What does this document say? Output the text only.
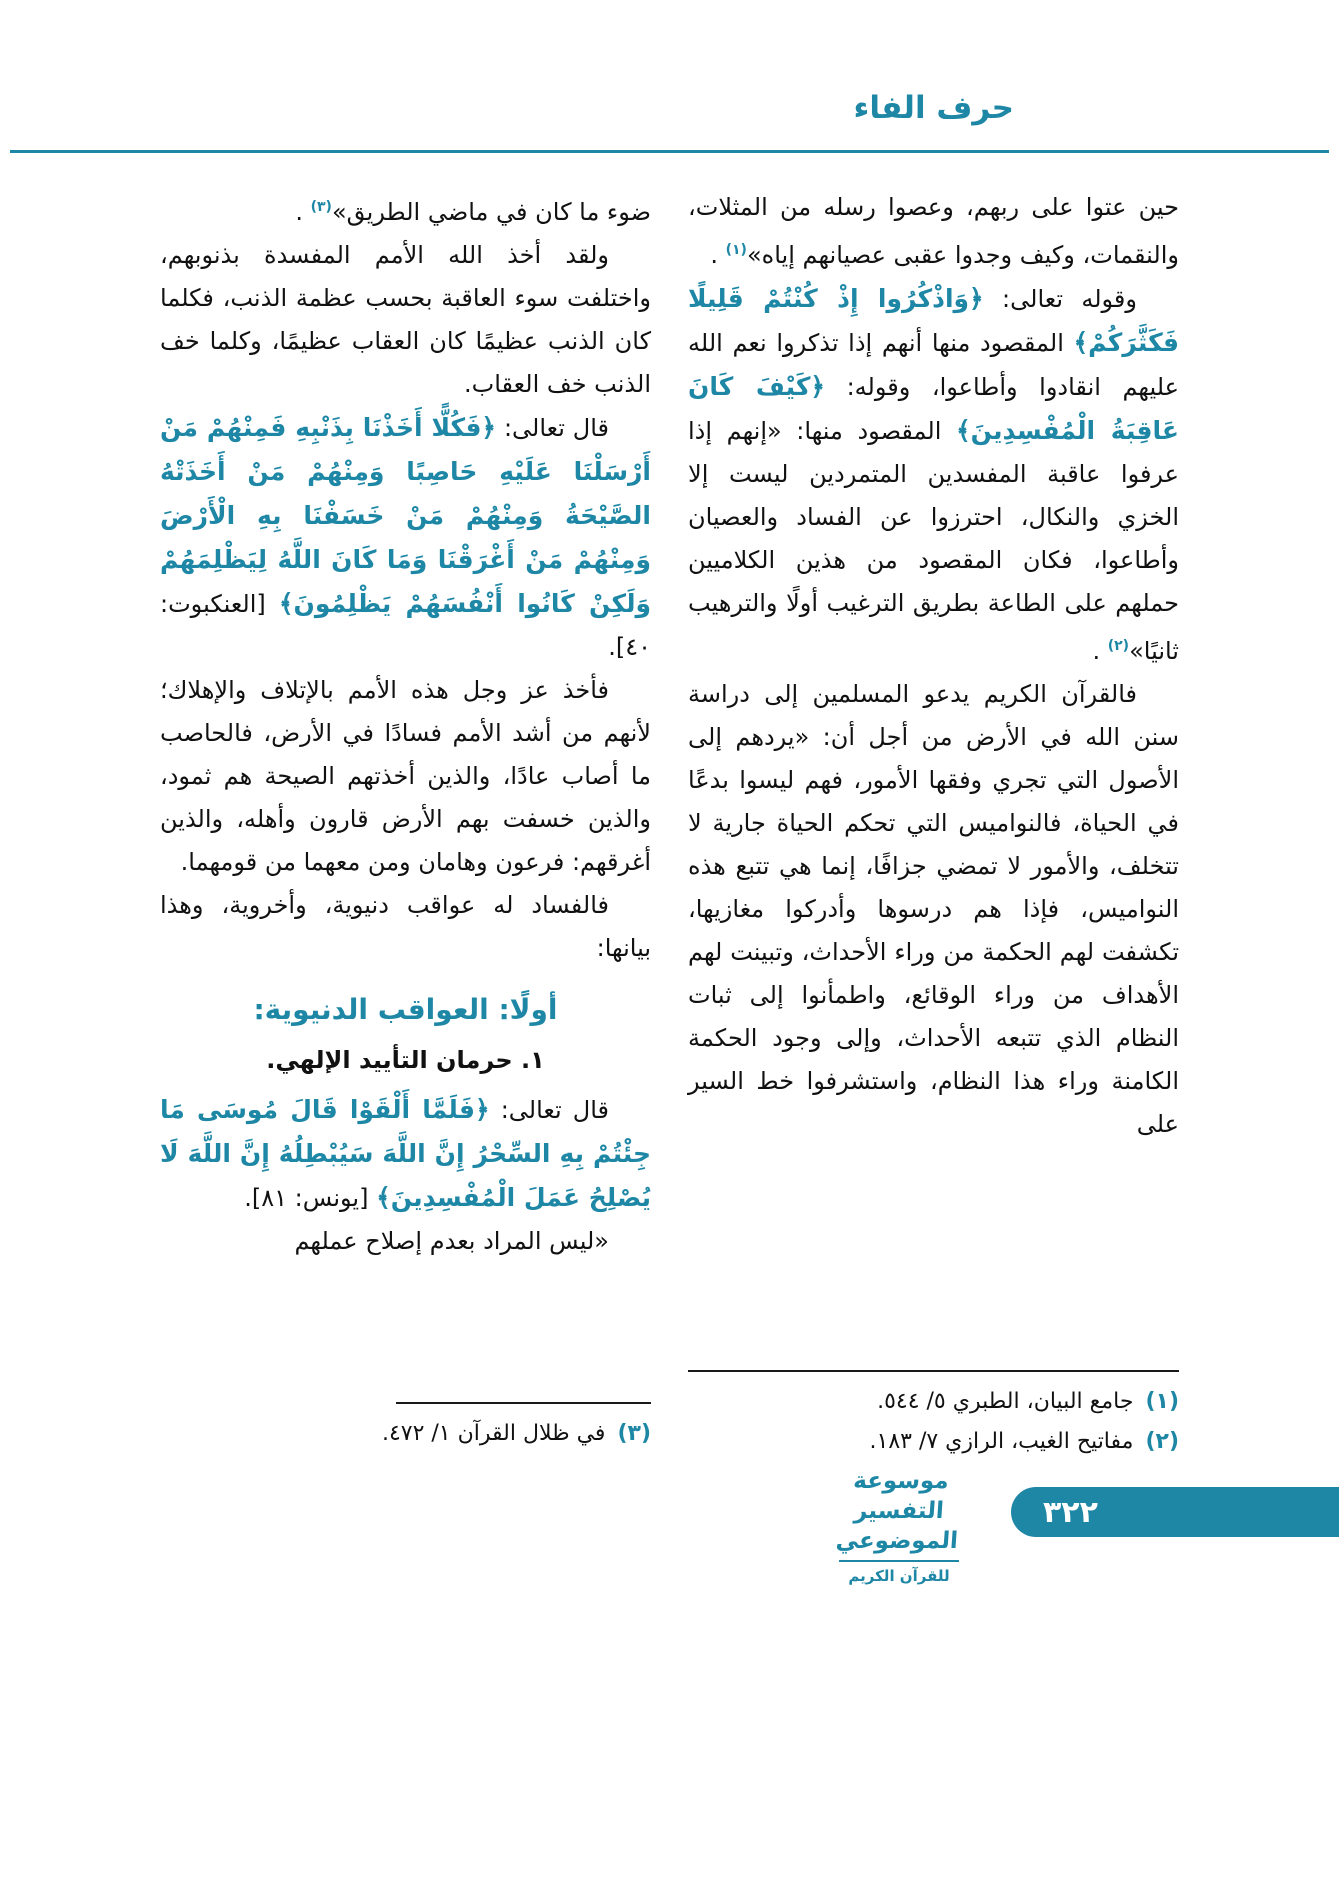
حرف الفاء

حين عتوا على ربهم، وعصوا رسله من المثلات، والنقمات، وكيف وجدوا عقبى عصيانهم إياه»$^{(١)}$ .

وقوله تعالى: ﴿وَاذْكُرُوا إِذْ كُنْتُمْ قَلِيلًا فَكَثَّرَكُمْ﴾ المقصود منها أنهم إذا تذكروا نعم الله عليهم انقادوا وأطاعوا، وقوله: ﴿كَيْفَ كَانَ عَاقِبَةُ الْمُفْسِدِينَ﴾ المقصود منها: «إنهم إذا عرفوا عاقبة المفسدين المتمردين ليست إلا الخزي والنكال، احترزوا عن الفساد والعصيان وأطاعوا، فكان المقصود من هذين الكلاميين حملهم على الطاعة بطريق الترغيب أولًا والترهيب ثانيًا»$^{(٢)}$ .

فالقرآن الكريم يدعو المسلمين إلى دراسة سنن الله في الأرض من أجل أن: «يردهم إلى الأصول التي تجري وفقها الأمور، فهم ليسوا بدعًا في الحياة، فالنواميس التي تحكم الحياة جارية لا تتخلف، والأمور لا تمضي جزافًا، إنما هي تتبع هذه النواميس، فإذا هم درسوها وأدركوا مغازيها، تكشفت لهم الحكمة من وراء الأحداث، وتبينت لهم الأهداف من وراء الوقائع، واطمأنوا إلى ثبات النظام الذي تتبعه الأحداث، وإلى وجود الحكمة الكامنة وراء هذا النظام، واستشرفوا خط السير على

ضوء ما كان في ماضي الطريق»$^{(٣)}$ .

ولقد أخذ الله الأمم المفسدة بذنوبهم، واختلفت سوء العاقبة بحسب عظمة الذنب، فكلما كان الذنب عظيمًا كان العقاب عظيمًا، وكلما خف الذنب خف العقاب.

قال تعالى: ﴿فَكُلًّا أَخَذْنَا بِذَنْبِهِ فَمِنْهُمْ مَنْ أَرْسَلْنَا عَلَيْهِ حَاصِبًا وَمِنْهُمْ مَنْ أَخَذَتْهُ الصَّيْحَةُ وَمِنْهُمْ مَنْ خَسَفْنَا بِهِ الْأَرْضَ وَمِنْهُمْ مَنْ أَغْرَقْنَا وَمَا كَانَ اللَّهُ لِيَظْلِمَهُمْ وَلَكِنْ كَانُوا أَنْفُسَهُمْ يَظْلِمُونَ﴾ [العنكبوت: ٤٠].

فأخذ عز وجل هذه الأمم بالإتلاف والإهلاك؛ لأنهم من أشد الأمم فسادًا في الأرض، فالحاصب ما أصاب عادًا، والذين أخذتهم الصيحة هم ثمود، والذين خسفت بهم الأرض قارون وأهله، والذين أغرقهم: فرعون وهامان ومن معهما من قومهما.

فالفساد له عواقب دنيوية، وأخروية، وهذا بيانها:

أولًا: العواقب الدنيوية:

١. حرمان التأييد الإلهي.

قال تعالى: ﴿فَلَمَّا أَلْقَوْا قَالَ مُوسَى مَا جِئْتُمْ بِهِ السِّحْرُ إِنَّ اللَّهَ سَيُبْطِلُهُ إِنَّ اللَّهَ لَا يُصْلِحُ عَمَلَ الْمُفْسِدِينَ﴾ [يونس: ٨١].

«ليس المراد بعدم إصلاح عملهم

(١)جامع البيان، الطبري ٥/ ٥٤٤.
(٢)مفاتيح الغيب، الرازي ٧/ ١٨٣.
(٣)في ظلال القرآن ١/ ٤٧٢.
موسوعة التفسير الموضوعي
للقرآن الكريم
٣٢٢
